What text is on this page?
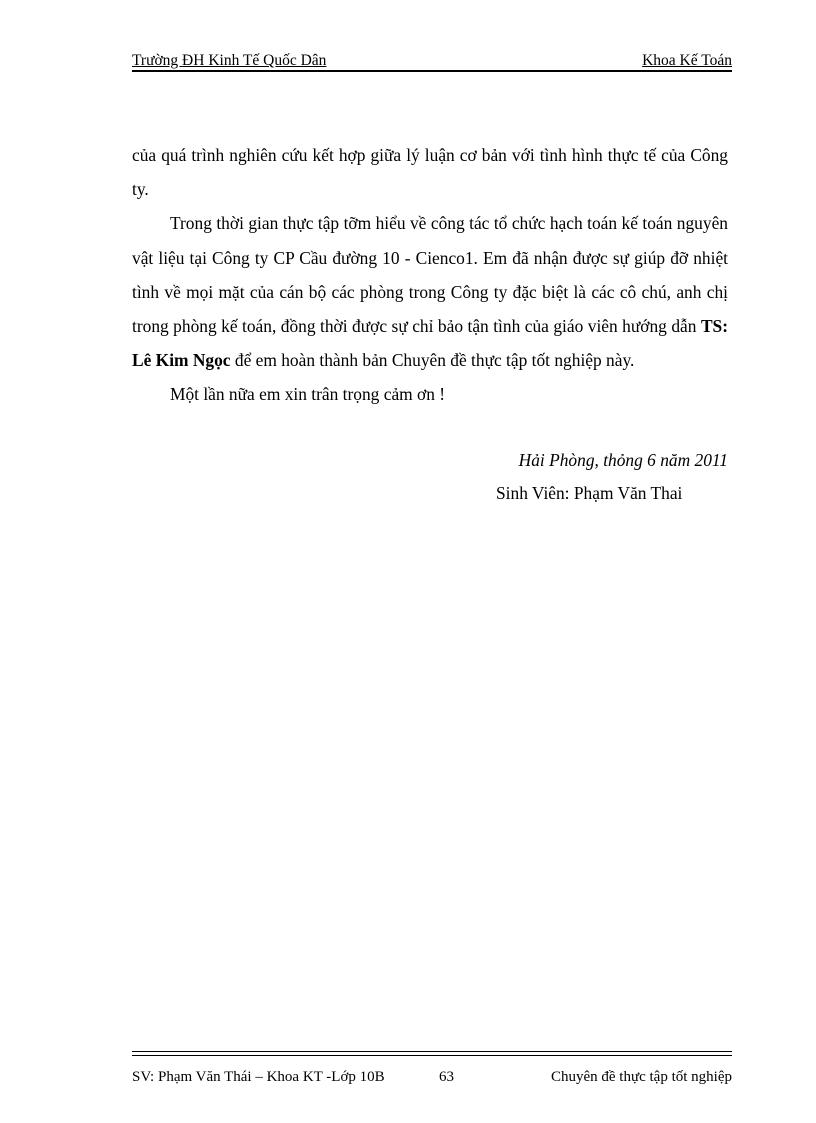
Trường ĐH Kinh Tế Quốc Dân	Khoa Kế Toán

của quá trình nghiên cứu kết hợp giữa lý luận cơ bản với tình hình thực tế của Công ty.

Trong thời gian thực tập tỡm hiểu về công tác tổ chức hạch toán kế toán nguyên vật liệu tại Công ty CP Cầu đường 10 - Cienco1. Em đã nhận được sự giúp đỡ nhiệt tình về mọi mặt của cán bộ các phòng trong Công ty đặc biệt là các cô chú, anh chị trong phòng kế toán, đồng thời được sự chỉ bảo tận tình của giáo viên hướng dẫn TS: Lê Kim Ngọc để em hoàn thành bản Chuyên đề thực tập tốt nghiệp này.

Một lần nữa em xin trân trọng cảm ơn !

Hải Phòng, thỏng 6 năm 2011
Sinh Viên: Phạm Văn Thai
SV: Phạm Văn Thái – Khoa KT -Lớp 10B	63	Chuyên đề thực tập tốt nghiệp
